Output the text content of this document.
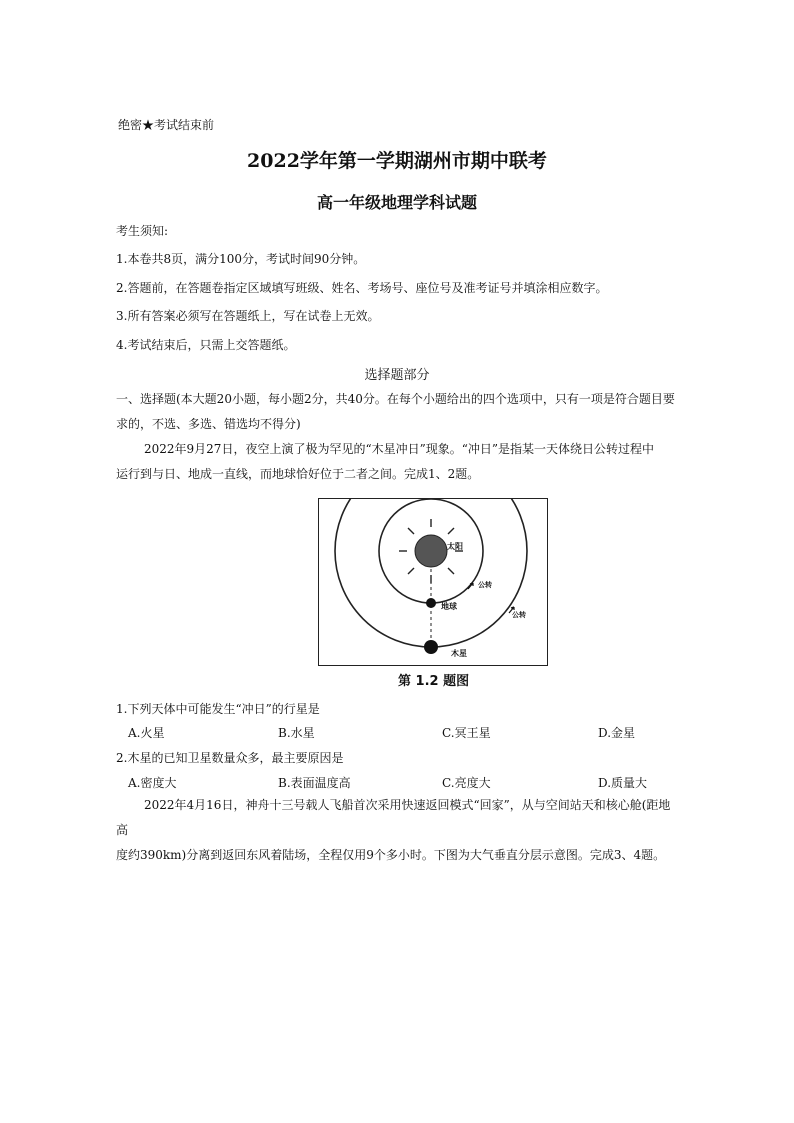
绝密★考试结束前
2022学年第一学期湖州市期中联考
高一年级地理学科试题
考生须知:
1.本卷共8页，满分100分，考试时间90分钟。
2.答题前，在答题卷指定区域填写班级、姓名、考场号、座位号及准考证号并填涂相应数字。
3.所有答案必须写在答题纸上，写在试卷上无效。
4.考试结束后，只需上交答题纸。
选择题部分
一、选择题(本大题20小题，每小题2分，共40分。在每个小题给出的四个选项中，只有一项是符合题目要
求的，不选、多选、错选均不得分)
2022年9月27日，夜空上演了极为罕见的“木星冲日”现象。“冲日”是指某一天体绕日公转过程中
运行到与日、地成一直线，而地球恰好位于二者之间。完成1、2题。
太阳
地球
木星
公转
公转
第 1.2 题图
1.下列天体中可能发生“冲日”的行星是
A.火星	B.水星	C.冥王星	D.金星
2.木星的已知卫星数量众多，最主要原因是
A.密度大	B.表面温度高	C.亮度大	D.质量大
2022年4月16日，神舟十三号载人飞船首次采用快速返回模式“回家”，从与空间站天和核心舱(距地高
度约390km)分离到返回东风着陆场，全程仅用9个多小时。下图为大气垂直分层示意图。完成3、4题。
